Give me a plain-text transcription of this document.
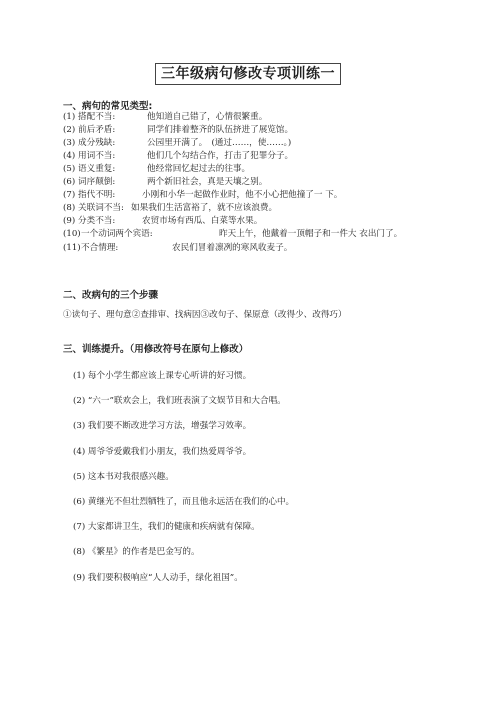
三年级病句修改专项训练一
一、病句的常见类型:
(1) 搭配不当:	他知道自己错了，心情很繁重。
(2) 前后矛盾:	同学们排着整齐的队伍挤进了展览馆。
(3) 成分残缺:	公园里开满了。　(通过……，使……。)
(4) 用词不当:	他们几个勾结合作，打击了犯罪分子。
(5) 语义重复:	他经常回忆起过去的往事。
(6) 词序颠倒:	两个新旧社会，真是天壤之别。
(7) 指代不明:	小刚和小华一起做作业时，他不小心把他撞了一 下。
(8) 关联词不当: 如果我们生活富裕了，就不应该浪费。
(9) 分类不当:	农贸市场有西瓜、白菜等水果。
(10) 一个动词两个宾语:	昨天上午，他戴着一顶帽子和一件大 衣出门了。
(11) 不合情理:	农民们冒着凛冽的寒风收麦子。
二、改病句的三个步骤
①读句子、理句意②查排审、找病因③改句子、保原意（改得少、改得巧）
三、训练提升。（用修改符号在原句上修改）
(1) 每个小学生都应该上课专心听讲的好习惯。
(2) “六一”联欢会上，我们班表演了文娱节目和大合唱。
(3) 我们要不断改进学习方法，增强学习效率。
(4) 周爷爷爱戴我们小朋友，我们热爱周爷爷。
(5) 这本书对我很感兴趣。
(6) 黄继光不但壮烈牺牲了，而且他永远活在我们的心中。
(7) 大家都讲卫生，我们的健康和疾病就有保障。
(8) 《繁星》的作者是巴金写的。
(9) 我们要积极响应“人人动手，绿化祖国”。
